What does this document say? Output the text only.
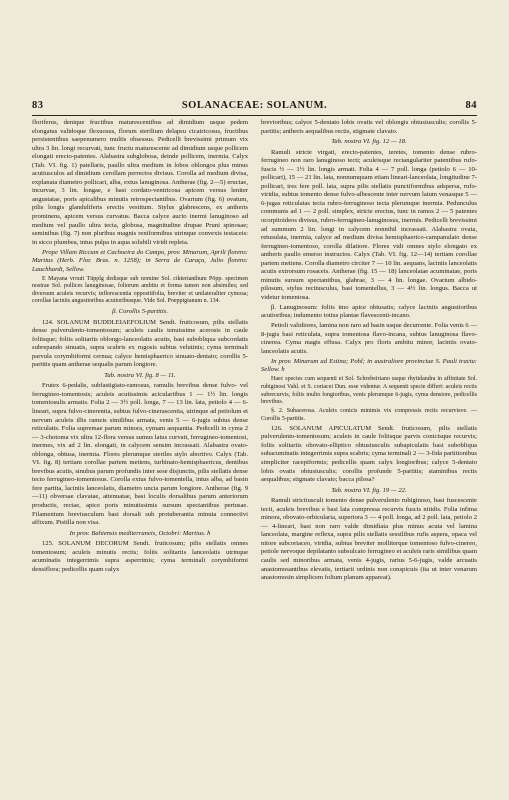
83	SOLANACEAE: SOLANUM.	84

floriferus, denique fructibus maturescentibus ad dimidium usque pedem elongatus validoque flexuosus, florum sterilium delapsu cicatricosus, fructibus persistentibus saepenumero multis obsessus. Pedicelli brevissimi primum vix ultra 3 lin. longi recurvati, tunc fructu maturescente ad dimidium usque pollicem elongati erecto-patentes. Alabastra subglobosa, deinde pollicem, inermia. Calyx (Tab. VI. fig. 1) patellaris, paullo ultra medium in lobos oblongos plus minus acutiusculos ad dimidium cerollam perrectos divisus. Corolla ad medium divisa, explanata diametro pollicari, alba, extus lanuginosa. Antherae (fig. 2—5) eructae, incurvae, 3 lin. longae, e basi cordato-ventricosa apicem versus leniter angustatae, poris apicalibus minutis retrospectantibus. Ovarium (fig. 6) ovatum, pilis longis glanduliferis erectis vestitum. Stylus glabrescens, ex antheris prominens, apicem versus curvatus. Bacca calyce aucto inermi lanuginoso ad medium vel paullo ultra tecta, globosa, magnitudine drupae Pruni spinosae; seminibus (fig. 7) non pluribus magnis reniformibus utrinque convexis testaceis: in sicco plumbea, intus pulpa in aqua solubili viridi repleta.

Prope Villam Riccum et Cachoeira do Campo, prov. Minarum, Aprili florens: Martius (Herb. Flor. Bras. n. 1258); in Serra de Caraça, Julio florens: Lauchhardt, Sellow.

E Mayana vrouit Tüpplg dedisque sub nomine Sol. cikterianthum Pöpp. specimen nostrae Sol. pollices lanuginosae, foliorum ambitu et forma tamen non absimiles; sed diversum aculeis recurvis; inflorescentia oppositifolia, breviter et unilateraliter cymosa; corollae laciniis angustioribus acutioribusque. Vide Sol. Poeppigianum n. 134.

β. Corollis 5-partitis.

124. SOLANUM BUDDLEIAEFOLIUM Sendt. fruticosum, pilis stellatis dense pulverulento-tomentosum; aculeis caulis tenuissime acerosis in caule foliisque; foliis solitariis oblongo-lanceolatis acutis, basi subobliqua subcordatis subrepando sinuatis, supra scabris ex rugosis subtus velutinis; cyma terminali parvula corymbiformi cernua; calyce hemisphaerico sinuato-dentato; corollis 5-partitis quam antherae sequalis parum longiore.

Tab. nostra VI. fig. 8 — 11.

Frutex 6-pedalis, subfastigiato-ramosus, ramulis brevibus dense fulvo- vel ferrugineo-tomentosis; aculeis acutissimis aciculariibus 1 — 1½ lin. longis tomentosulis armatis. Folia 2 — 3½ poll. longa, 7 — 13 lin. lata, petiolo 4 — 6-lineari, supra fulvo-cinerentia, subtus fulvo-cinerascentia, utrinque ad petiolum et nervum aculeis illis rameis similibus armata, venis 5 — 6-jugis subtus dense reticulatis. Folia supremae parum minora, cymam aequantia. Pedicelli in cyma 2 — 3-chotoma vix ultra 12-flora versus sumus latus curvati, ferrugineo-tomentosi, inermes, vix ad 2 lin. elongati, in calycem sensim incrassati. Alabastra ovato-oblonga, obtusa, inermia. Flores plerumque steriles stylo abortivo. Calyx (Tab. VI. fig. 8) tertiam corollae partem metiens, turbinato-hemisphaericus, dentibus brevibus acutis, sinubus parum profundis inter sese disjunctis, pilis stellatis dense tecto ferrugineo-tomentosus. Corolla extus fulvo-tomentella, intus alba, ad basin fere partita, laciniis lanceolatis, diametro uncia parum longiore. Antherae (fig. 9—11) obversae clavatae, attenuatae, basi loculis dorsalibus parum anteriorum productis, rectae, apice poris minutissimis sursum spectantibus pertusae. Filamentum breviusculum basi dorsali sub protuberantia minuta connectivi affixum. Pistilla non visa.

In prov. Bahiensis mediterraneis, Octobri: Martius. ħ

125. SOLANUM DECORUM Sendt. fruticosum; pilis stellatis omnes tomentosum; aculeis minutis rectis; foliis solitariis lanceolatis utrinque acuminatis integerrimis supra asperrimis; cyma terminali corymbiformi densiflora; pedicellis quam calyx

brevioribus; calyce 5-dentato lobis ovatis vel oblongis obtusiusculis; corollis 5-partitis; antheris aequalibus rectis, stigmate clavato.

Tab. nostra VI. fig. 12 — 18.

Ramuli stricte virgati, erecto-patentes, teretes, tomento dense rubro-ferrugineo non raro lanuginoso tecti; aculeisque rectangulariter patentibus rufo-fuscis ½ — 1½ lin. longis armati. Folia 4 — 7 poll. longa (petiolo 6 — 10-pollicari), 15 — 21 lin. lata, nonnumquam etiam lineari-lanceolata, longitudine 7-pollicari, tres fere poll. lata, supra pilis stellatis punctiformibus adspersa, rufo-viridia, subtus tomento dense fulvo-albescente inter nervum latum venasque 5 — 6-jugas reticulatas tecta rubro-ferruginoso tecta plerumque inermia. Pedunculus communis ad 1 — 2 poll. simplex, stricte erectus, tunc in ramos 2 — 5 patentes ocorpitoideos divisus, rubro-ferrugineo-lanuginosus, inermis. Pedicelli brevissimi ad summum 2 lin. longi in calycem nonnihil incrassati. Alabastra ovata, retusulata, inermia, calyce ad medium divisa hemisphaerico-campanulato dense ferrugineo-tomentoso, corolla dilatiore. Flores vidi omnes stylo elongato ex antheris paullo emerso instructos. Calyx (Tab. VI. fig. 12—14) tertiam corollae partem metiens. Corolla diametro circiter 7 — 10 lin. aequans, laciniis lanceolatis acutis extrorsum rosaceis. Antherae (fig. 15 — 18) lanceolatae acuminatae, poris minutis sursum spectantibus, glabrae, 3 — 4 lin. longae. Ovarium albido-pilosum, stylus rectiusculus, basi tomentellus, 3 — 4½ lin. longus. Bacca ut videtur tomentosa.

β. Lanuginosum: foliis imo apice obtusatis; calyce laciniis angustioribus acutioribus; indumento totius plantae flavescenti-incano.

Petioli validiores, lamina non raro ad basin usque decurrente. Folia venis 6 — 8-jugis basi reticulata, supra tomentosa flavo-incana, subtus lanuginosa flavo-cinerea. Cyma magis effusa. Calyx pro floris ambitu minor, laciniis ovato-lanceolatis acutis.

In prov. Minarum ad Estina; Pohl; in australiore provinciae S. Pauli tractu: Sellow. ħ

Haec species cum sequenti et Sol. Schrebeiriano usque rhytidandra in affinitate Sol. rubiginosi Vahl. et S. coriacei Dun. esse videntur. A sequenti specie differt: aculeis rectis subrecurvis, foliis multo longioribus, venis plerumque 6-jugis, cyma densiore, pedicellis brevibus.

§. 2. Subacerosa. Aculeis conicis minimis vix compressis rectis recurvisve. — Corollis 5-partitis.

126. SOLANUM APICULATUM Sendt. fruticosum, pilis stellatis pulverulento-tomentosum; aculeis in caule foliisque parvis conicisque recurvis; foliis solitariis obovato-elliptico obtusiusculis subapiculatis basi subobliqua subacuminatis integerrimis supra scabris; cyma terminali 2 — 3-fida partitionibus simpliciter racepiformis; pedicellis quam calyx longioribus; calyce 5-dentato lobis ovatis obtusiusculis; corollis profunde 5-partitis; staminibus rectis aequalibus; stigmate clavato; bacca pilosa?

Tab. nostra VI. fig. 19 — 22.

Ramuli strictiusculi tomento dense pulverulento rubiginoso, basi fuscescente tecti, aculeis brevibus e basi lata compressa recurvis fuscis nitidis. Folia infima minora, obovato-orbicularia, superiora 3 — 4 poll. longa, ad 2 poll. lata, petiolo 2 — 4-lineari, basi non raro valde dimidiata plus minus acuta vel lamina lanceolata, margine reflexa, supra pilis stellatis sessilibus rufis aspera, opaca vel nitore subcoriaceo, viridia, subtus breviter molliterque tomentoso fulvo-cinereo, petiole nervoque depilatanto subsulcato ferrugineo et aculeis raris similibus quam caulis sed minoribus armata, venis 4-jugis, rarius 5-6-jugis, valde arcuatis anastomosantibus elevatis, tertiarii ordinis non conspicuis (ita ut inter venarum anastomosin simplicem folium planum appareat).
